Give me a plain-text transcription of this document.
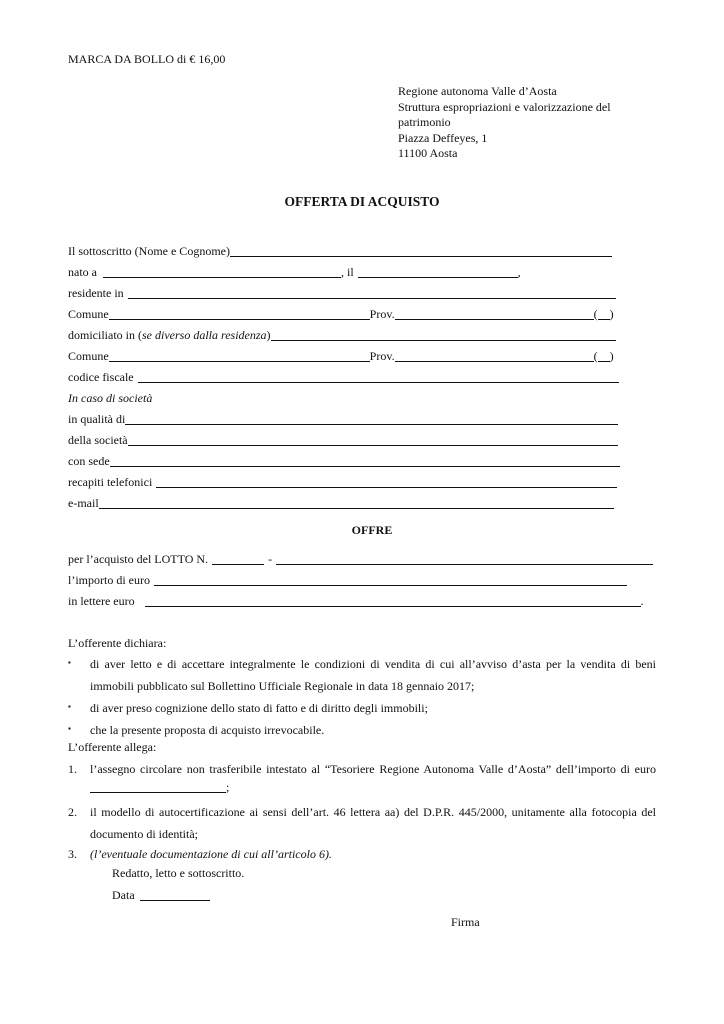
MARCA DA BOLLO di € 16,00
Regione autonoma Valle d’Aosta
Struttura espropriazioni e valorizzazione del
patrimonio
Piazza Deffeyes, 1
11100 Aosta
OFFERTA DI ACQUISTO
Il sottoscritto (Nome e Cognome)
nato a	, il	,
residente in
Comune	Prov.	( )
domiciliato in ( se diverso dalla residenza )
Comune	Prov.	( )
codice fiscale
In caso di società
in qualità di
della società
con sede
recapiti telefonici
e-mail
OFFRE
per l’acquisto del LOTTO N.	-
l’importo di euro
in lettere euro	.
L’offerente dichiara:
▪ di aver letto e di accettare integralmente le condizioni di vendita di cui all’avviso d’asta per la vendita di beni
immobili pubblicato sul Bollettino Ufficiale Regionale in data 18 gennaio 2017;
▪ di aver preso cognizione dello stato di fatto e di diritto degli immobili;
▪ che la presente proposta di acquisto irrevocabile.
L’offerente allega:
1. l’assegno circolare non trasferibile intestato al “Tesoriere Regione Autonoma Valle d’Aosta” dell’importo di euro
;
2. il modello di autocertificazione ai sensi dell’art. 46 lettera aa) del D.P.R. 445/2000, unitamente alla fotocopia del
documento di identità;
3. (l’eventuale documentazione di cui all’articolo 6).
Redatto, letto e sottoscritto.
Data
Firma
